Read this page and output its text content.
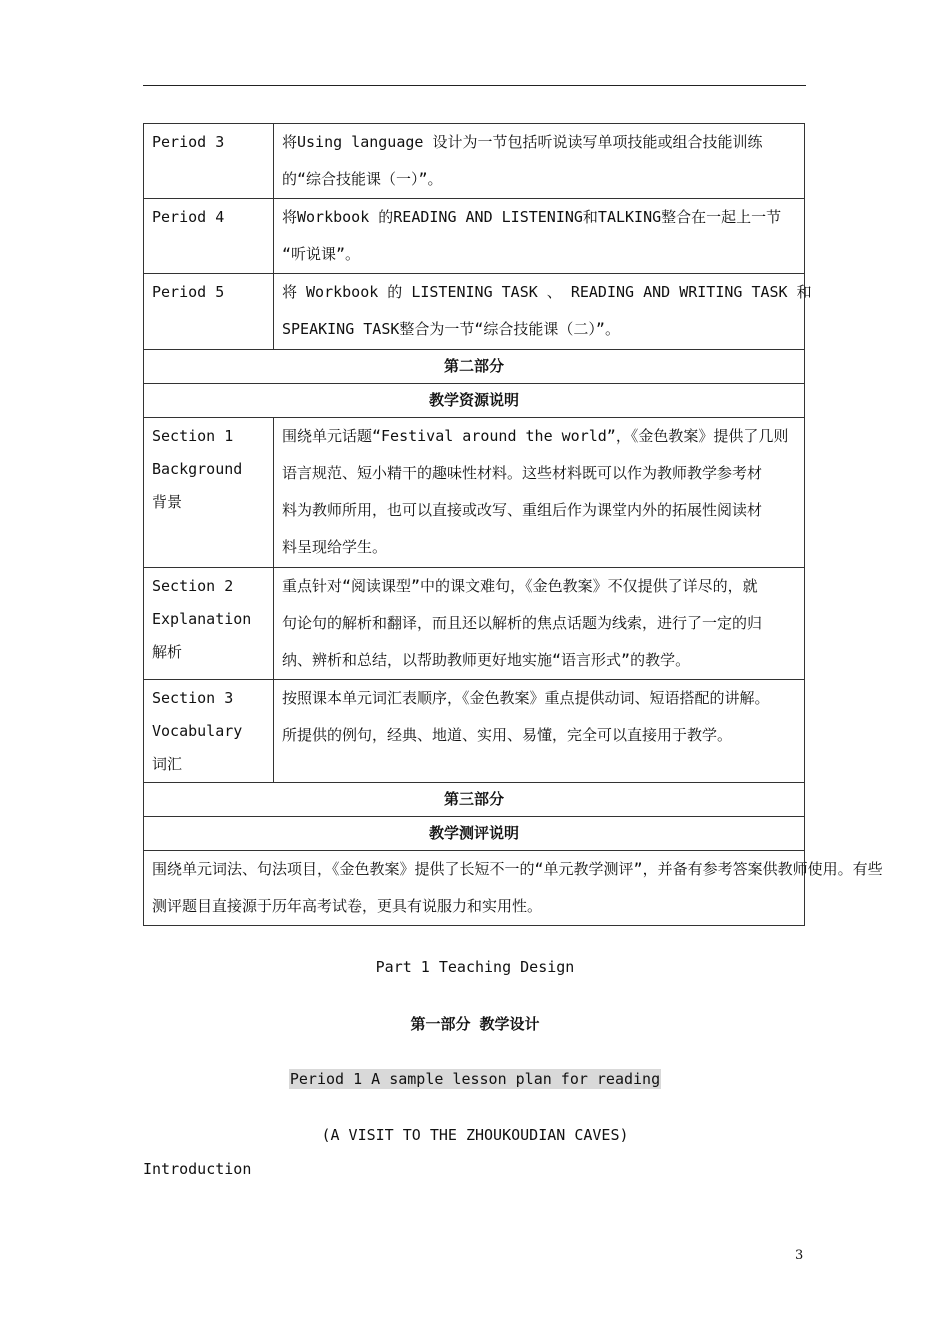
Period 3	将Using language 设计为一节包括听说读写单项技能或组合技能训练
的“综合技能课（一）”。

Period 4	将Workbook 的READING AND LISTENING和TALKING整合在一起上一节
“听说课”。

Period 5	将 Workbook 的 LISTENING TASK 、 READING AND WRITING TASK 和
SPEAKING TASK整合为一节“综合技能课（二）”。

第二部分	
教学资源说明	

Section 1
Background
背景	围绕单元话题“Festival around the world”，《金色教案》提供了几则
语言规范、短小精干的趣味性材料。这些材料既可以作为教师教学参考材
料为教师所用，也可以直接或改写、重组后作为课堂内外的拓展性阅读材
料呈现给学生。

Section 2
Explanation
解析	重点针对“阅读课型”中的课文难句，《金色教案》不仅提供了详尽的，就
句论句的解析和翻译，而且还以解析的焦点话题为线索，进行了一定的归
纳、辨析和总结，以帮助教师更好地实施“语言形式”的教学。

Section 3
Vocabulary
词汇	按照课本单元词汇表顺序，《金色教案》重点提供动词、短语搭配的讲解。
所提供的例句，经典、地道、实用、易懂，完全可以直接用于教学。

第三部分	
教学测评说明	

围绕单元词法、句法项目，《金色教案》提供了长短不一的“单元教学测评”，并备有参考答案供教师使用。有些
测评题目直接源于历年高考试卷，更具有说服力和实用性。	
Part 1 Teaching Design
第一部分 教学设计
Period 1 A sample lesson plan for reading
(A VISIT TO THE ZHOUKOUDIAN CAVES)
Introduction
3
